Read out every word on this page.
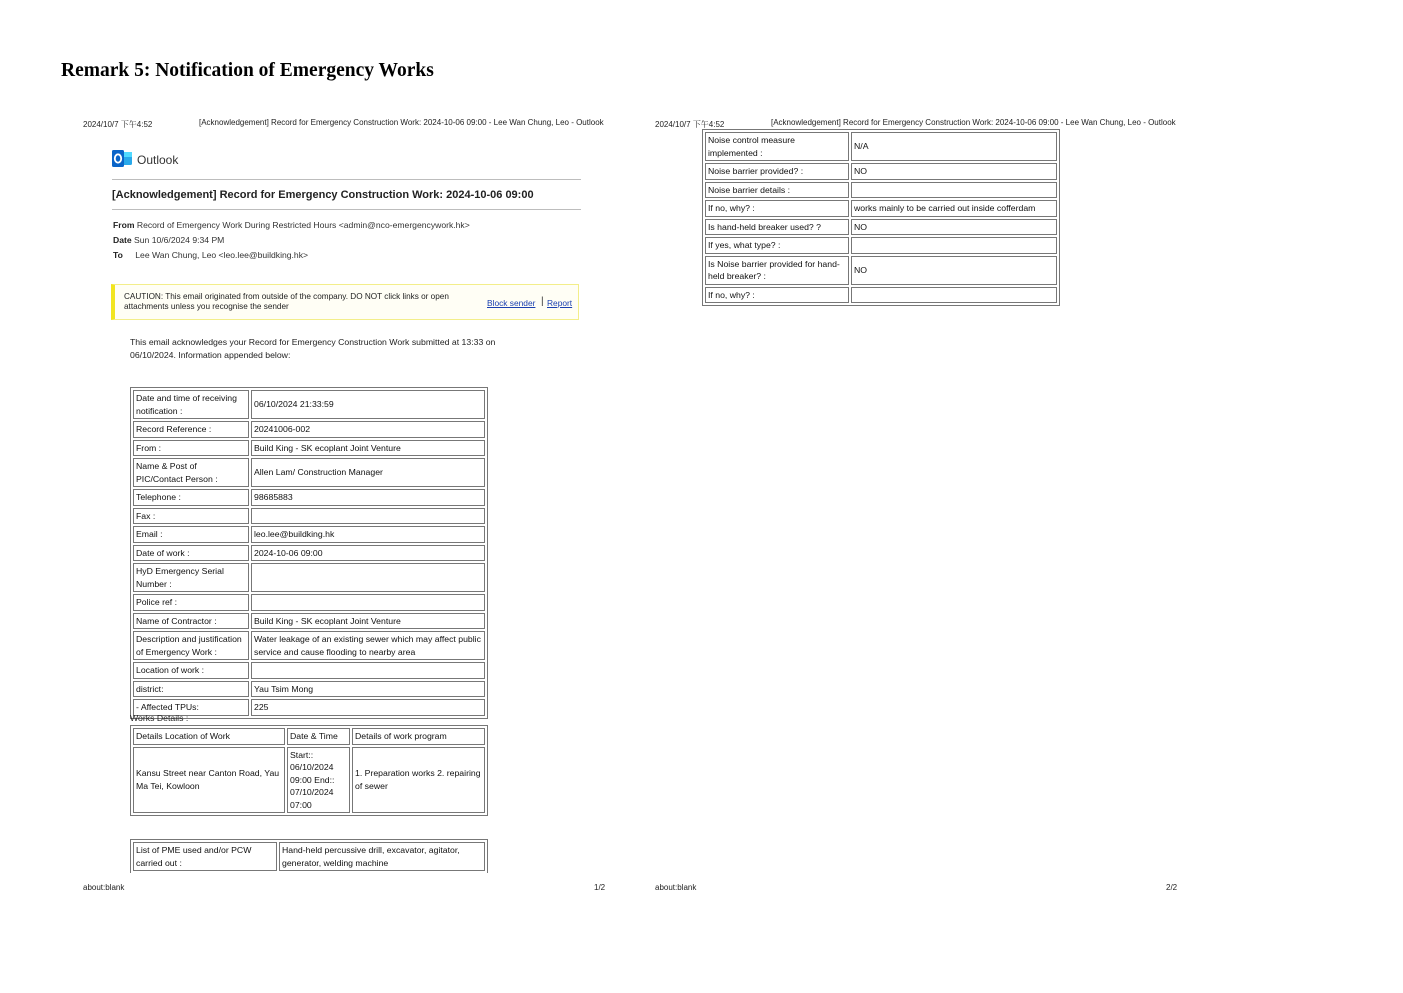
Remark 5: Notification of Emergency Works
2024/10/7 下午4:52	[Acknowledgement] Record for Emergency Construction Work: 2024-10-06 09:00 - Lee Wan Chung, Leo - Outlook
Outlook
[Acknowledgement] Record for Emergency Construction Work: 2024-10-06 09:00
From Record of Emergency Work During Restricted Hours <admin@nco-emergencywork.hk>
Date Sun 10/6/2024 9:34 PM
To Lee Wan Chung, Leo <leo.lee@buildking.hk>
CAUTION: This email originated from outside of the company. DO NOT click links or open attachments unless you recognise the sender	Block sender | Report
This email acknowledges your Record for Emergency Construction Work submitted at 13:33 on 06/10/2024. Information appended below:
Date and time of receiving notification :	06/10/2024 21:33:59
Record Reference :	20241006-002
From :	Build King - SK ecoplant Joint Venture
Name & Post of PIC/Contact Person :	Allen Lam/ Construction Manager
Telephone :	98685883
Fax :	
Email :	leo.lee@buildking.hk
Date of work :	2024-10-06 09:00
HyD Emergency Serial Number :	
Police ref :	
Name of Contractor :	Build King - SK ecoplant Joint Venture
Description and justification of Emergency Work :	Water leakage of an existing sewer which may affect public service and cause flooding to nearby area
Location of work :	
district:	Yau Tsim Mong
- Affected TPUs:	225
Works Details :
Details Location of Work	Date & Time	Details of work program
Kansu Street near Canton Road, Yau Ma Tei, Kowloon	Start:: 06/10/2024 09:00 End:: 07/10/2024 07:00	1. Preparation works 2. repairing of sewer
List of PME used and/or PCW carried out :	Hand-held percussive drill, excavator, agitator, generator, welding machine
about:blank	1/2
2024/10/7 下午4:52	[Acknowledgement] Record for Emergency Construction Work: 2024-10-06 09:00 - Lee Wan Chung, Leo - Outlook
Noise control measure implemented :	N/A
Noise barrier provided? :	NO
Noise barrier details :	
If no, why? :	works mainly to be carried out inside cofferdam
Is hand-held breaker used? ?	NO
If yes, what type? :	
Is Noise barrier provided for hand-held breaker? :	NO
If no, why? :	
about:blank	2/2
